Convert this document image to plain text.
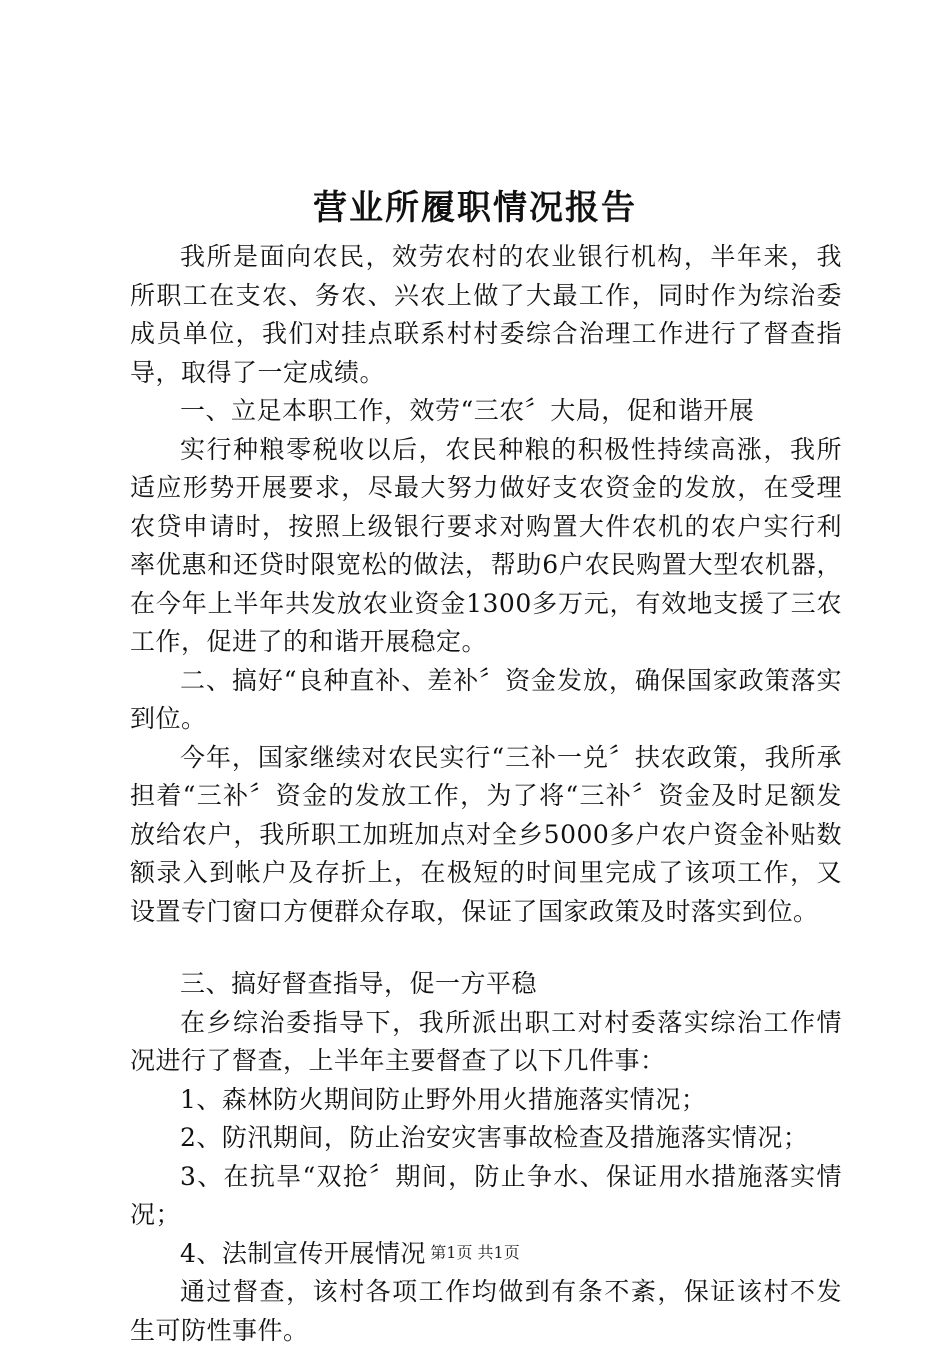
营业所履职情况报告

我所是面向农民，效劳农村的农业银行机构，半年来，我所职工在支农、务农、兴农上做了大最工作，同时作为综治委成员单位，我们对挂点联系村村委综合治理工作进行了督查指导，取得了一定成绩。

一、立足本职工作，效劳“三农〞大局，促和谐开展

实行种粮零税收以后，农民种粮的积极性持续高涨，我所适应形势开展要求，尽最大努力做好支农资金的发放，在受理农贷申请时，按照上级银行要求对购置大件农机的农户实行利率优惠和还贷时限宽松的做法，帮助6户农民购置大型农机器，在今年上半年共发放农业资金1300多万元，有效地支援了三农工作，促进了的和谐开展稳定。

二、搞好“良种直补、差补〞资金发放，确保国家政策落实到位。

今年，国家继续对农民实行“三补一兑〞扶农政策，我所承担着“三补〞资金的发放工作，为了将“三补〞资金及时足额发放给农户，我所职工加班加点对全乡5000多户农户资金补贴数额录入到帐户及存折上，在极短的时间里完成了该项工作，又设置专门窗口方便群众存取，保证了国家政策及时落实到位。

三、搞好督查指导，促一方平稳

在乡综治委指导下，我所派出职工对村委落实综治工作情况进行了督查，上半年主要督查了以下几件事：

1、森林防火期间防止野外用火措施落实情况；

2、防汛期间，防止治安灾害事故检查及措施落实情况；

3、在抗旱“双抢〞期间，防止争水、保证用水措施落实情况；

4、法制宣传开展情况

通过督查，该村各项工作均做到有条不紊，保证该村不发生可防性事件。

第1页 共1页
